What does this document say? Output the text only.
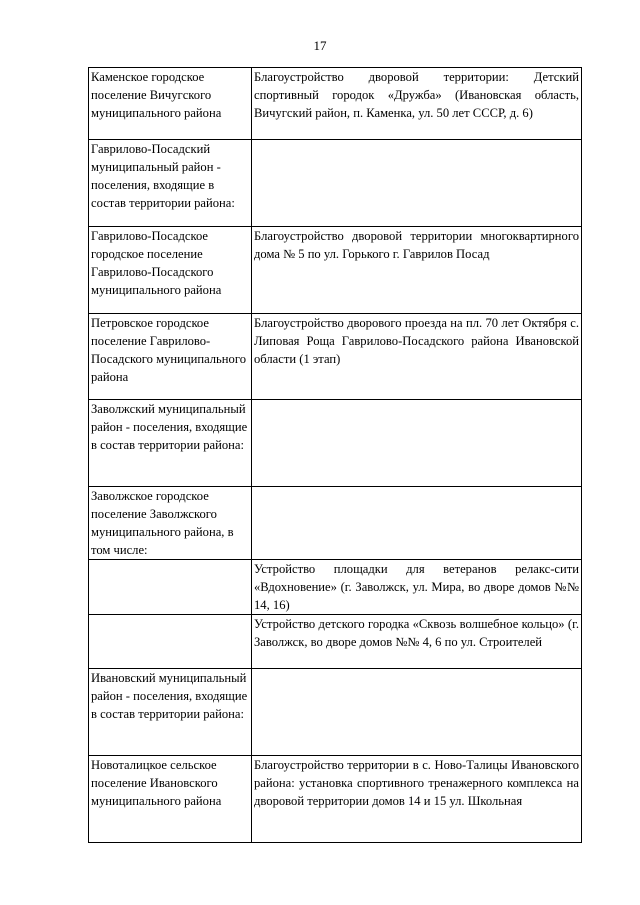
17
Каменское городское поселение Вичугского муниципального района	Благоустройство дворовой территории: Детский спортивный городок «Дружба» (Ивановская область, Вичугский район, п. Каменка, ул. 50 лет СССР, д. 6)
Гаврилово-Посадский муниципальный район - поселения, входящие в состав территории района:	
Гаврилово-Посадское городское поселение Гаврилово-Посадского муниципального района	Благоустройство дворовой территории многоквартирного дома № 5 по ул. Горького г. Гаврилов Посад
Петровское городское поселение Гаврилово-Посадского муниципального района	Благоустройство дворового проезда на пл. 70 лет Октября с. Липовая Роща Гаврилово-Посадского района Ивановской области (1 этап)
Заволжский муниципальный район - поселения, входящие в состав территории района:	
Заволжское городское поселение Заволжского муниципального района, в том числе:	
	Устройство площадки для ветеранов релакс-сити «Вдохновение» (г. Заволжск, ул. Мира, во дворе домов №№ 14, 16)
	Устройство детского городка «Сквозь волшебное кольцо» (г. Заволжск, во дворе домов №№ 4, 6 по ул. Строителей
Ивановский муниципальный район - поселения, входящие в состав территории района:	
Новоталицкое сельское поселение Ивановского муниципального района	Благоустройство территории в с. Ново-Талицы Ивановского района: установка спортивного тренажерного комплекса на дворовой территории домов 14 и 15 ул. Школьная
